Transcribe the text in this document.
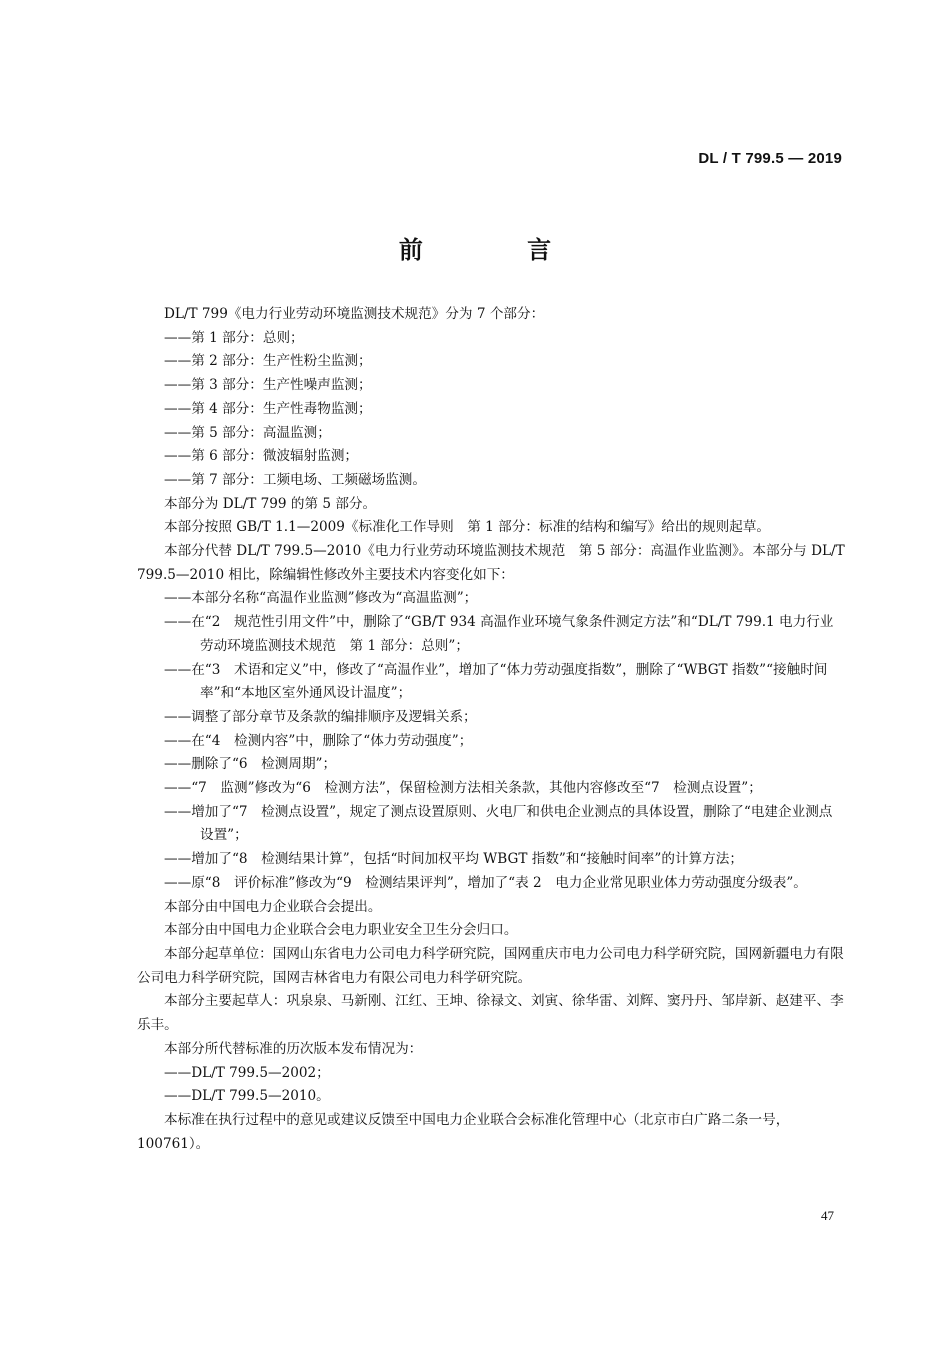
DL / T 799.5 — 2019
前 言

DL/T 799《电力行业劳动环境监测技术规范》分为 7 个部分：

——第 1 部分：总则；

——第 2 部分：生产性粉尘监测；

——第 3 部分：生产性噪声监测；

——第 4 部分：生产性毒物监测；

——第 5 部分：高温监测；

——第 6 部分：微波辐射监测；

——第 7 部分：工频电场、工频磁场监测。

本部分为 DL/T 799 的第 5 部分。

本部分按照 GB/T 1.1—2009《标准化工作导则　第 1 部分：标准的结构和编写》给出的规则起草。

本部分代替 DL/T 799.5—2010《电力行业劳动环境监测技术规范　第 5 部分：高温作业监测》。本部分与 DL/T 799.5—2010 相比，除编辑性修改外主要技术内容变化如下：

——本部分名称“高温作业监测”修改为“高温监测”；

——在“2　规范性引用文件”中，删除了“GB/T 934 高温作业环境气象条件测定方法”和“DL/T 799.1 电力行业劳动环境监测技术规范　第 1 部分：总则”；

——在“3　术语和定义”中，修改了“高温作业”，增加了“体力劳动强度指数”，删除了“WBGT 指数”“接触时间率”和“本地区室外通风设计温度”；

——调整了部分章节及条款的编排顺序及逻辑关系；

——在“4　检测内容”中，删除了“体力劳动强度”；

——删除了“6　检测周期”；

——“7　监测”修改为“6　检测方法”，保留检测方法相关条款，其他内容修改至“7　检测点设置”；

——增加了“7　检测点设置”，规定了测点设置原则、火电厂和供电企业测点的具体设置，删除了“电建企业测点设置”；

——增加了“8　检测结果计算”，包括“时间加权平均 WBGT 指数”和“接触时间率”的计算方法；

——原“8　评价标准”修改为“9　检测结果评判”，增加了“表 2　电力企业常见职业体力劳动强度分级表”。

本部分由中国电力企业联合会提出。

本部分由中国电力企业联合会电力职业安全卫生分会归口。

本部分起草单位：国网山东省电力公司电力科学研究院，国网重庆市电力公司电力科学研究院，国网新疆电力有限公司电力科学研究院，国网吉林省电力有限公司电力科学研究院。

本部分主要起草人：巩泉泉、马新刚、江红、王坤、徐禄文、刘寅、徐华雷、刘辉、窦丹丹、邹岸新、赵建平、李乐丰。

本部分所代替标准的历次版本发布情况为：

——DL/T 799.5—2002；

——DL/T 799.5—2010。

本标准在执行过程中的意见或建议反馈至中国电力企业联合会标准化管理中心（北京市白广路二条一号，100761）。

47
